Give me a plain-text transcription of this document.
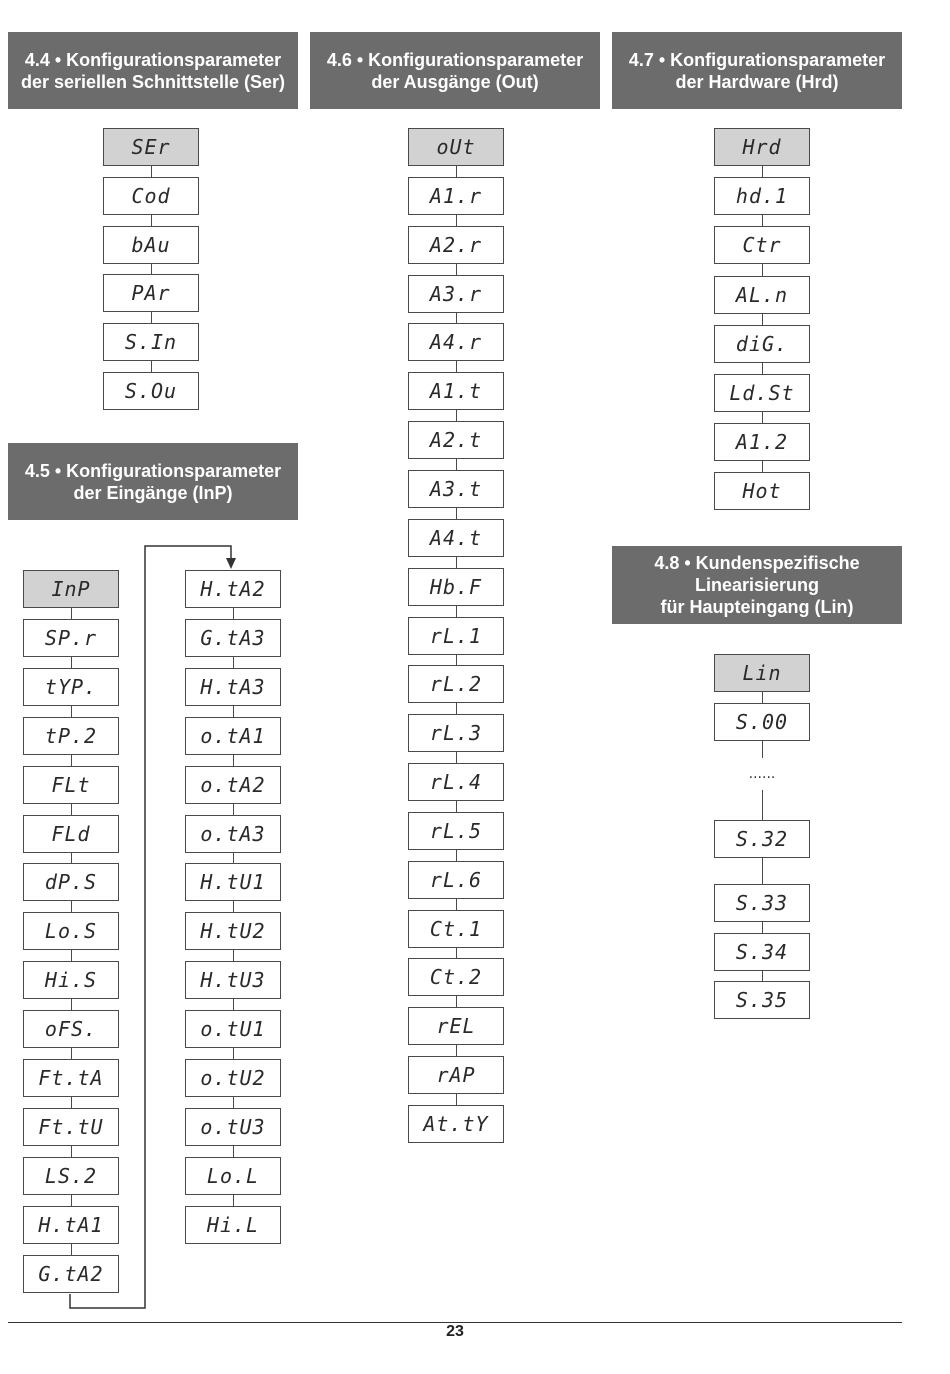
4.4 • Konfigurationsparameter
der seriellen Schnittstelle (Ser)
4.6 • Konfigurationsparameter
der Ausgänge (Out)
4.7 • Konfigurationsparameter
der Hardware (Hrd)
4.5 • Konfigurationsparameter
der Eingänge (InP)
4.8 • Kundenspezifische
Linearisierung
für Haupteingang (Lin)
SEr
Cod
bAu
PAr
S.In
S.Ou
oUt
A1.r
A2.r
A3.r
A4.r
A1.t
A2.t
A3.t
A4.t
Hb.F
rL.1
rL.2
rL.3
rL.4
rL.5
rL.6
Ct.1
Ct.2
rEL
rAP
At.tY
Hrd
hd.1
Ctr
AL.n
diG.
Ld.St
A1.2
Hot
InP
SP.r
tYP.
tP.2
FLt
FLd
dP.S
Lo.S
Hi.S
oFS.
Ft.tA
Ft.tU
LS.2
H.tA1
G.tA2
H.tA2
G.tA3
H.tA3
o.tA1
o.tA2
o.tA3
H.tU1
H.tU2
H.tU3
o.tU1
o.tU2
o.tU3
Lo.L
Hi.L
Lin
S.00
S.32
S.33
S.34
S.35
......
23
